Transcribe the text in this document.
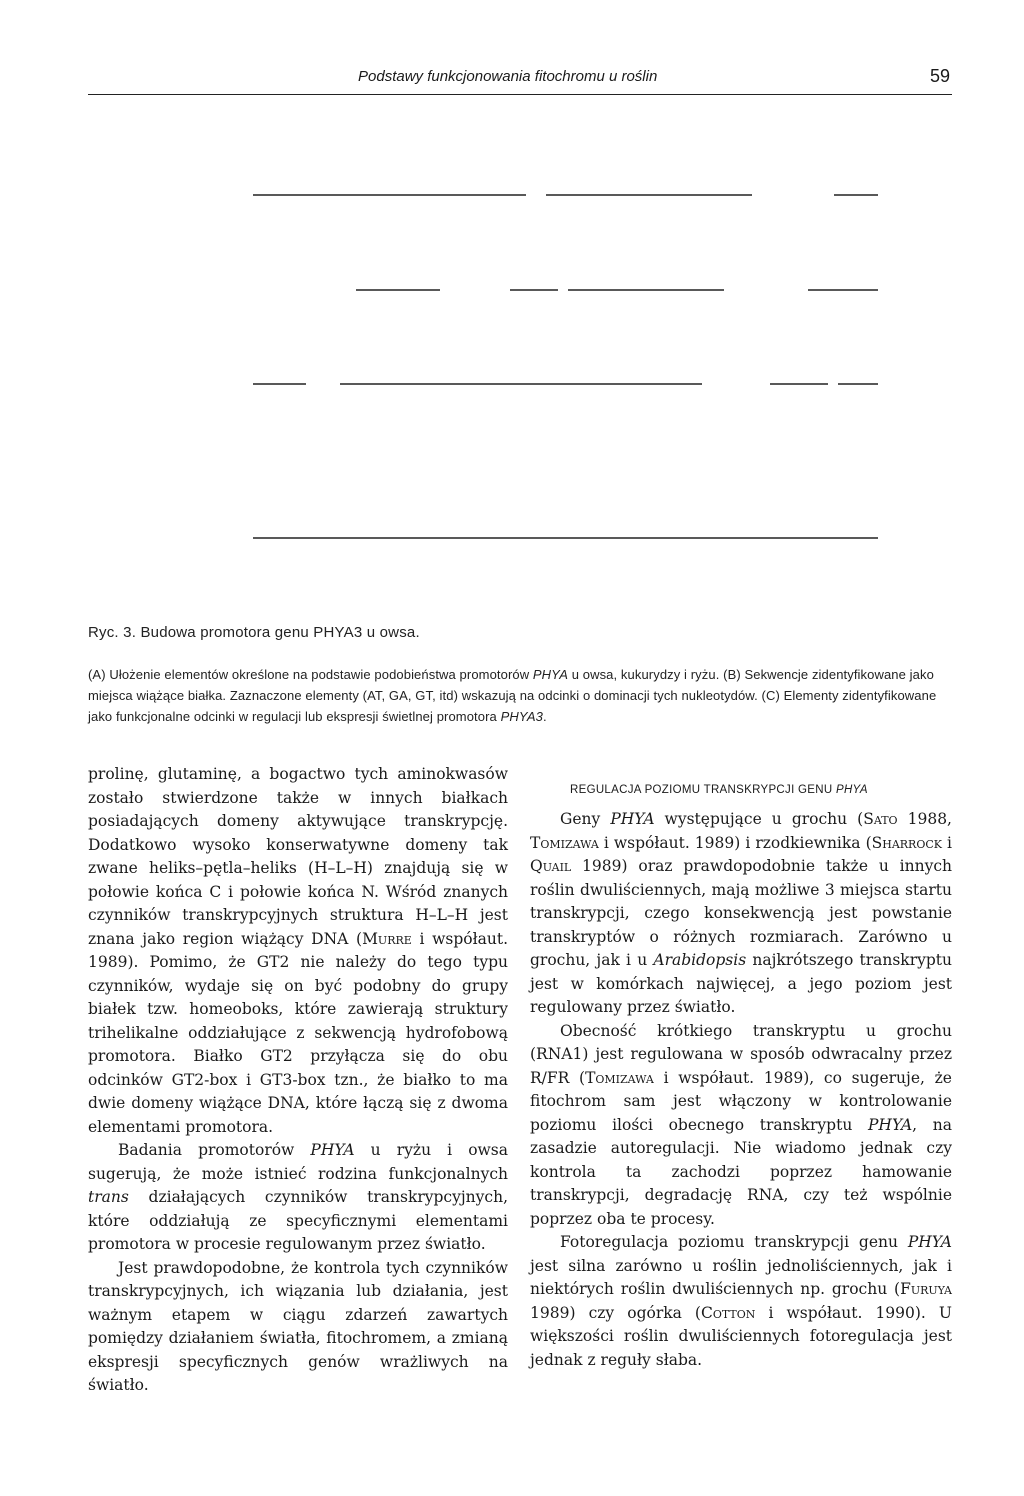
Podstawy funkcjonowania fitochromu u roślin	59
Ryc. 3. Budowa promotora genu PHYA3 u owsa.
(A) Ułożenie elementów określone na podstawie podobieństwa promotorów PHYA u owsa, kukurydzy i ryżu. (B) Sekwencje zidentyfikowane jako miejsca wiążące białka. Zaznaczone elementy (AT, GA, GT, itd) wskazują na odcinki o dominacji tych nukleotydów. (C) Elementy zidentyfikowane jako funkcjonalne odcinki w regulacji lub ekspresji świetlnej promotora PHYA3.

prolinę, glutaminę, a bogactwo tych aminokwasów zostało stwierdzone także w innych białkach posiadających domeny aktywujące transkrypcję. Dodatkowo wysoko konserwatywne domeny tak zwane heliks–pętla–heliks (H–L–H) znajdują się w połowie końca C i połowie końca N. Wśród znanych czynników transkrypcyjnych struktura H–L–H jest znana jako region wiążący DNA (Murre i współaut. 1989). Pomimo, że GT2 nie należy do tego typu czynników, wydaje się on być podobny do grupy białek tzw. homeoboks, które zawierają struktury trihelikalne oddziałujące z sekwencją hydrofobową promotora. Białko GT2 przyłącza się do obu odcinków GT2-box i GT3-box tzn., że białko to ma dwie domeny wiążące DNA, które łączą się z dwoma elementami promotora.

Badania promotorów PHYA u ryżu i owsa sugerują, że może istnieć rodzina funkcjonalnych trans działających czynników transkrypcyjnych, które oddziałują ze specyficznymi elementami promotora w procesie regulowanym przez światło.

Jest prawdopodobne, że kontrola tych czynników transkrypcyjnych, ich wiązania lub działania, jest ważnym etapem w ciągu zdarzeń zawartych pomiędzy działaniem światła, fitochromem, a zmianą ekspresji specyficznych genów wrażliwych na światło.

REGULACJA POZIOMU TRANSKRYPCJI GENU PHYA

Geny PHYA występujące u grochu (Sato 1988, Tomizawa i współaut. 1989) i rzodkiewnika (Sharrock i Quail 1989) oraz prawdopodobnie także u innych roślin dwuliściennych, mają możliwe 3 miejsca startu transkrypcji, czego konsekwencją jest powstanie transkryptów o różnych rozmiarach. Zarówno u grochu, jak i u Arabidopsis najkrótszego transkryptu jest w komórkach najwięcej, a jego poziom jest regulowany przez światło.

Obecność krótkiego transkryptu u grochu (RNA1) jest regulowana w sposób odwracalny przez R/FR (Tomizawa i współaut. 1989), co sugeruje, że fitochrom sam jest włączony w kontrolowanie poziomu ilości obecnego transkryptu PHYA, na zasadzie autoregulacji. Nie wiadomo jednak czy kontrola ta zachodzi poprzez hamowanie transkrypcji, degradację RNA, czy też wspólnie poprzez oba te procesy.

Fotoregulacja poziomu transkrypcji genu PHYA jest silna zarówno u roślin jednoliściennych, jak i niektórych roślin dwuliściennych np. grochu (Furuya 1989) czy ogórka (Cotton i współaut. 1990). U większości roślin dwuliściennych fotoregulacja jest jednak z reguły słaba.
